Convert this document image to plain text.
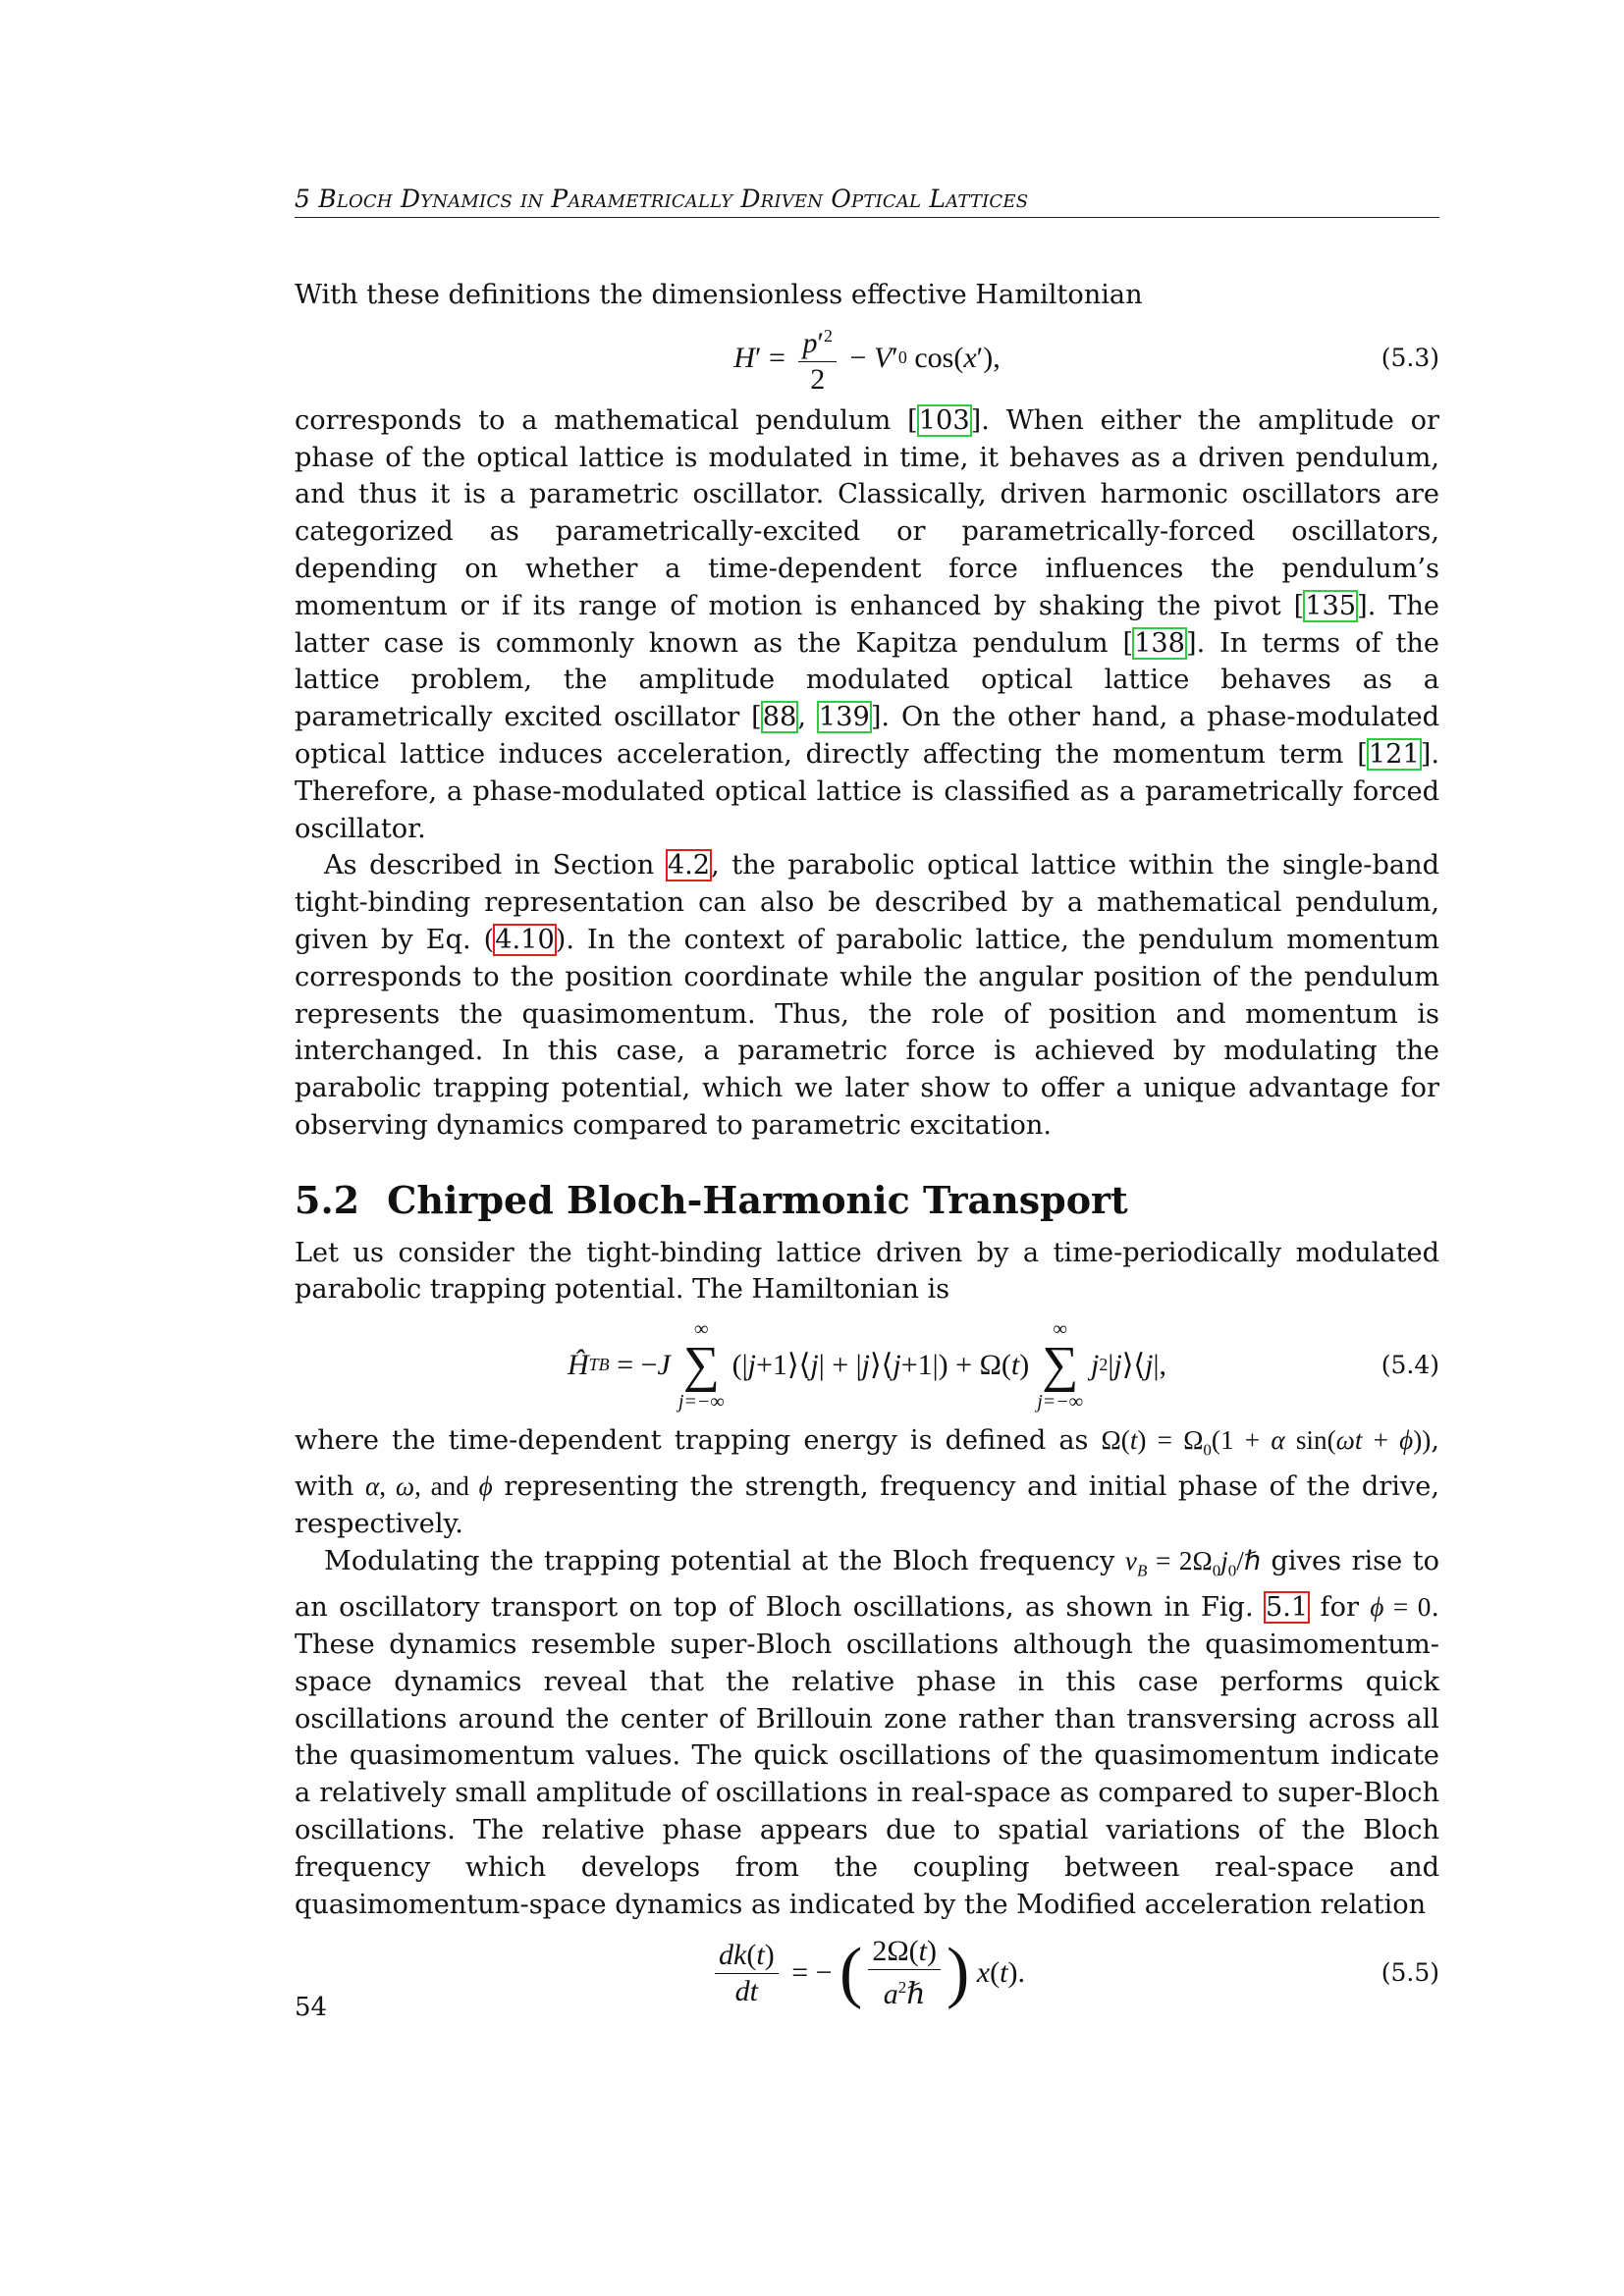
5 Bloch Dynamics in Parametrically Driven Optical Lattices

With these definitions the dimensionless effective Hamiltonian

H ′ = $\frac{p'^2}{2} - V$ ′ 0 cos( x ′),	(5.3)

corresponds to a mathematical pendulum [103]. When either the amplitude or phase of the optical lattice is modulated in time, it behaves as a driven pendulum, and thus it is a parametric oscillator. Classically, driven harmonic oscillators are categorized as parametrically-excited or parametrically-forced oscillators, depending on whether a time-dependent force influences the pendulum’s momentum or if its range of motion is enhanced by shaking the pivot [135]. The latter case is commonly known as the Kapitza pendulum [138]. In terms of the lattice problem, the amplitude modulated optical lattice behaves as a parametrically excited oscillator [88, 139]. On the other hand, a phase-modulated optical lattice induces acceleration, directly affecting the momentum term [121]. Therefore, a phase-modulated optical lattice is classified as a parametrically forced oscillator.

As described in Section 4.2, the parabolic optical lattice within the single-band tight-binding representation can also be described by a mathematical pendulum, given by Eq. (4.10). In the context of parabolic lattice, the pendulum momentum corresponds to the position coordinate while the angular position of the pendulum represents the quasimomentum. Thus, the role of position and momentum is interchanged. In this case, a parametric force is achieved by modulating the parabolic trapping potential, which we later show to offer a unique advantage for observing dynamics compared to parametric excitation.

5.2 Chirped Bloch-Harmonic Transport

Let us consider the tight-binding lattice driven by a time-periodically modulated parabolic trapping potential. The Hamiltonian is

Ĥ TB = − J
∞
∑
j=−∞
(| j +1⟩⟨ j | + | j ⟩⟨ j +1|) + Ω( t )
∞
∑
j=−∞
j 2 | j ⟩⟨ j |,	(5.4)

where the time-dependent trapping energy is defined as $\Omega(t) = \Omega_0(1 + \alpha$ sin(ωt + ϕ)), with α, ω, and ϕ representing the strength, frequency and initial phase of the drive, respectively.

Modulating the trapping potential at the Bloch frequency $\nu_B$ = $2\Omega_0j_0/\hbar$ gives rise to an oscillatory transport on top of Bloch oscillations, as shown in Fig. 5.1 for ϕ = 0. These dynamics resemble super-Bloch oscillations although the quasimomentum-space dynamics reveal that the relative phase in this case performs quick oscillations around the center of Brillouin zone rather than transversing across all the quasimomentum values. The quick oscillations of the quasimomentum indicate a relatively small amplitude of oscillations in real-space as compared to super-Bloch oscillations. The relative phase appears due to spatial variations of the Bloch frequency which develops from the coupling between real-space and quasimomentum-space dynamics as indicated by the Modified acceleration relation

$\frac{dk(t)}{dt}$ = − ( $\frac{2\Omega(t)}{a^2\hbar}$ )
x ( t ).	(5.5)
54
